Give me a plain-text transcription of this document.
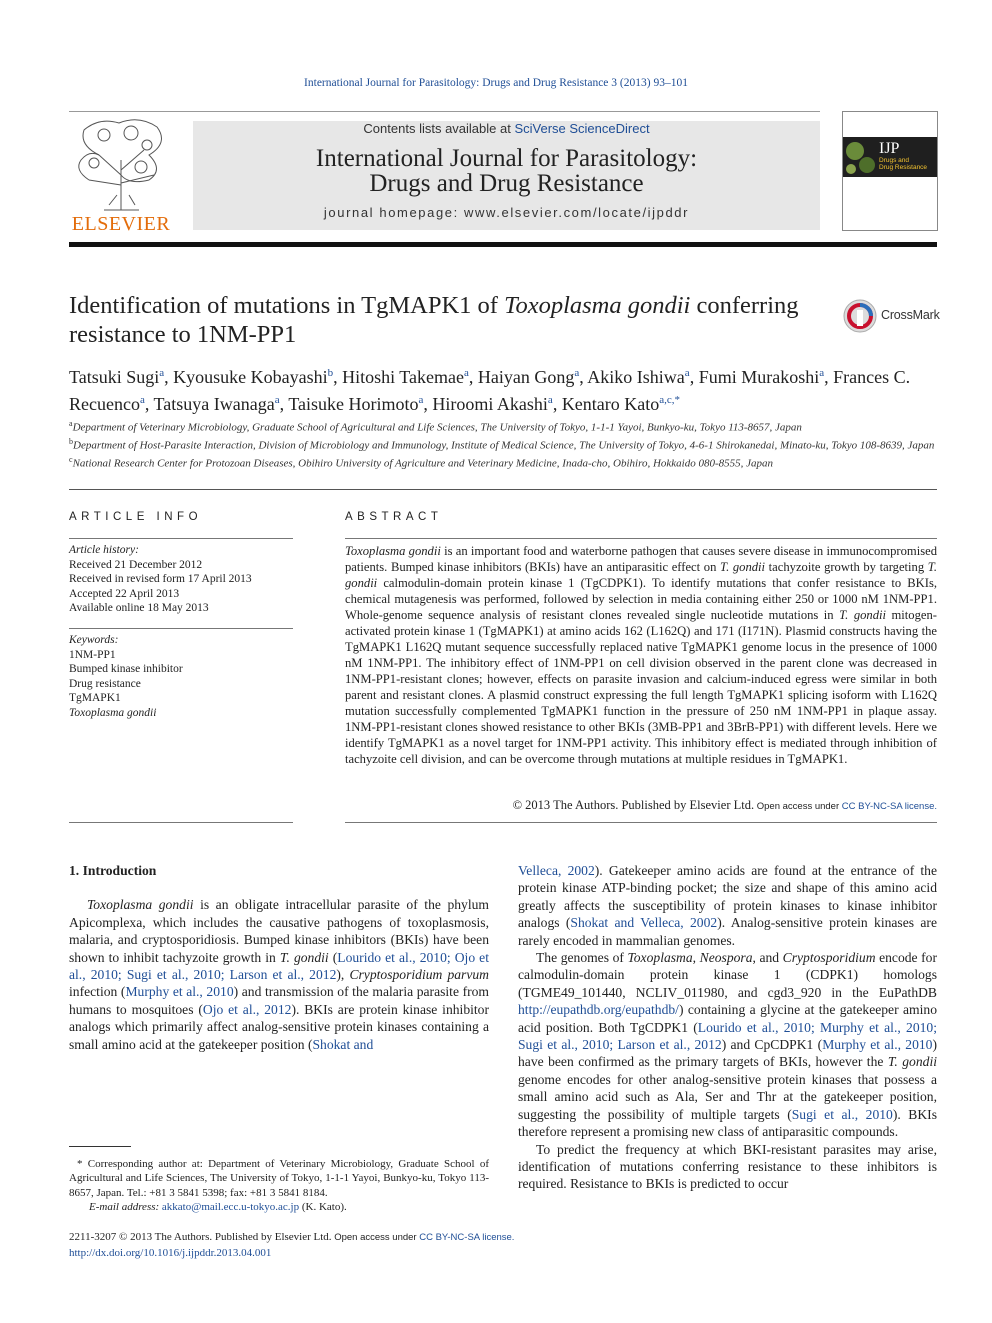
International Journal for Parasitology: Drugs and Drug Resistance 3 (2013) 93–101
ELSEVIER
Contents lists available at SciVerse ScienceDirect
International Journal for Parasitology:
Drugs and Drug Resistance
journal homepage: www.elsevier.com/locate/ijpddr
IJP
Drugs and
Drug Resistance
Identification of mutations in TgMAPK1 of Toxoplasma gondii conferring resistance to 1NM-PP1
CrossMark
Tatsuki Sugi$^a$, Kyousuke Kobayashi$^b$, Hitoshi Takemae$^a$, Haiyan Gong$^a$, Akiko Ishiwa$^a$, Fumi Murakoshi$^a$, Frances C. Recuenco$^a$, Tatsuya Iwanaga$^a$, Taisuke Horimoto$^a$, Hiroomi Akashi$^a$, Kentaro Kato$^{a,c,*}$
$^a$Department of Veterinary Microbiology, Graduate School of Agricultural and Life Sciences, The University of Tokyo, 1-1-1 Yayoi, Bunkyo-ku, Tokyo 113-8657, Japan
$^b$Department of Host-Parasite Interaction, Division of Microbiology and Immunology, Institute of Medical Science, The University of Tokyo, 4-6-1 Shirokanedai, Minato-ku, Tokyo 108-8639, Japan
$^c$National Research Center for Protozoan Diseases, Obihiro University of Agriculture and Veterinary Medicine, Inada-cho, Obihiro, Hokkaido 080-8555, Japan
ARTICLE INFO
Article history:
Received 21 December 2012
Received in revised form 17 April 2013
Accepted 22 April 2013
Available online 18 May 2013
Keywords:
1NM-PP1
Bumped kinase inhibitor
Drug resistance
TgMAPK1
Toxoplasma gondii
ABSTRACT
Toxoplasma gondii is an important food and waterborne pathogen that causes severe disease in immunocompromised patients. Bumped kinase inhibitors (BKIs) have an antiparasitic effect on T. gondii tachyzoite growth by targeting T. gondii calmodulin-domain protein kinase 1 (TgCDPK1). To identify mutations that confer resistance to BKIs, chemical mutagenesis was performed, followed by selection in media containing either 250 or 1000 nM 1NM-PP1. Whole-genome sequence analysis of resistant clones revealed single nucleotide mutations in T. gondii mitogen-activated protein kinase 1 (TgMAPK1) at amino acids 162 (L162Q) and 171 (I171N). Plasmid constructs having the TgMAPK1 L162Q mutant sequence successfully replaced native TgMAPK1 genome locus in the presence of 1000 nM 1NM-PP1. The inhibitory effect of 1NM-PP1 on cell division observed in the parent clone was decreased in 1NM-PP1-resistant clones; however, effects on parasite invasion and calcium-induced egress were similar in both parent and resistant clones. A plasmid construct expressing the full length TgMAPK1 splicing isoform with L162Q mutation successfully complemented TgMAPK1 function in the pressure of 250 nM 1NM-PP1 in plaque assay. 1NM-PP1-resistant clones showed resistance to other BKIs (3MB-PP1 and 3BrB-PP1) with different levels. Here we identify TgMAPK1 as a novel target for 1NM-PP1 activity. This inhibitory effect is mediated through inhibition of tachyzoite cell division, and can be overcome through mutations at multiple residues in TgMAPK1.
© 2013 The Authors. Published by Elsevier Ltd. Open access under CC BY-NC-SA license.
1. Introduction

Toxoplasma gondii is an obligate intracellular parasite of the phylum Apicomplexa, which includes the causative pathogens of toxoplasmosis, malaria, and cryptosporidiosis. Bumped kinase inhibitors (BKIs) have been shown to inhibit tachyzoite growth in T. gondii (Lourido et al., 2010; Ojo et al., 2010; Sugi et al., 2010; Larson et al., 2012), Cryptosporidium parvum infection (Murphy et al., 2010) and transmission of the malaria parasite from humans to mosquitoes (Ojo et al., 2012). BKIs are protein kinase inhibitor analogs which primarily affect analog-sensitive protein kinases containing a small amino acid at the gatekeeper position (Shokat and

Velleca, 2002). Gatekeeper amino acids are found at the entrance of the protein kinase ATP-binding pocket; the size and shape of this amino acid greatly affects the susceptibility of protein kinases to kinase inhibitor analogs (Shokat and Velleca, 2002). Analog-sensitive protein kinases are rarely encoded in mammalian genomes.

The genomes of Toxoplasma, Neospora, and Cryptosporidium encode for calmodulin-domain protein kinase 1 (CDPK1) homologs (TGME49_101440, NCLIV_011980, and cgd3_920 in the EuPathDB http://eupathdb.org/eupathdb/) containing a glycine at the gatekeeper amino acid position. Both TgCDPK1 (Lourido et al., 2010; Murphy et al., 2010; Sugi et al., 2010; Larson et al., 2012) and CpCDPK1 (Murphy et al., 2010) have been confirmed as the primary targets of BKIs, however the T. gondii genome encodes for other analog-sensitive protein kinases that possess a small amino acid such as Ala, Ser and Thr at the gatekeeper position, suggesting the possibility of multiple targets (Sugi et al., 2010). BKIs therefore represent a promising new class of antiparasitic compounds.

To predict the frequency at which BKI-resistant parasites may arise, identification of mutations conferring resistance to these inhibitors is required. Resistance to BKIs is predicted to occur

* Corresponding author at: Department of Veterinary Microbiology, Graduate School of Agricultural and Life Sciences, The University of Tokyo, 1-1-1 Yayoi, Bunkyo-ku, Tokyo 113-8657, Japan. Tel.: +81 3 5841 5398; fax: +81 3 5841 8184.
E-mail address: akkato@mail.ecc.u-tokyo.ac.jp (K. Kato).
2211-3207 © 2013 The Authors. Published by Elsevier Ltd. Open access under CC BY-NC-SA license.
http://dx.doi.org/10.1016/j.ijpddr.2013.04.001
